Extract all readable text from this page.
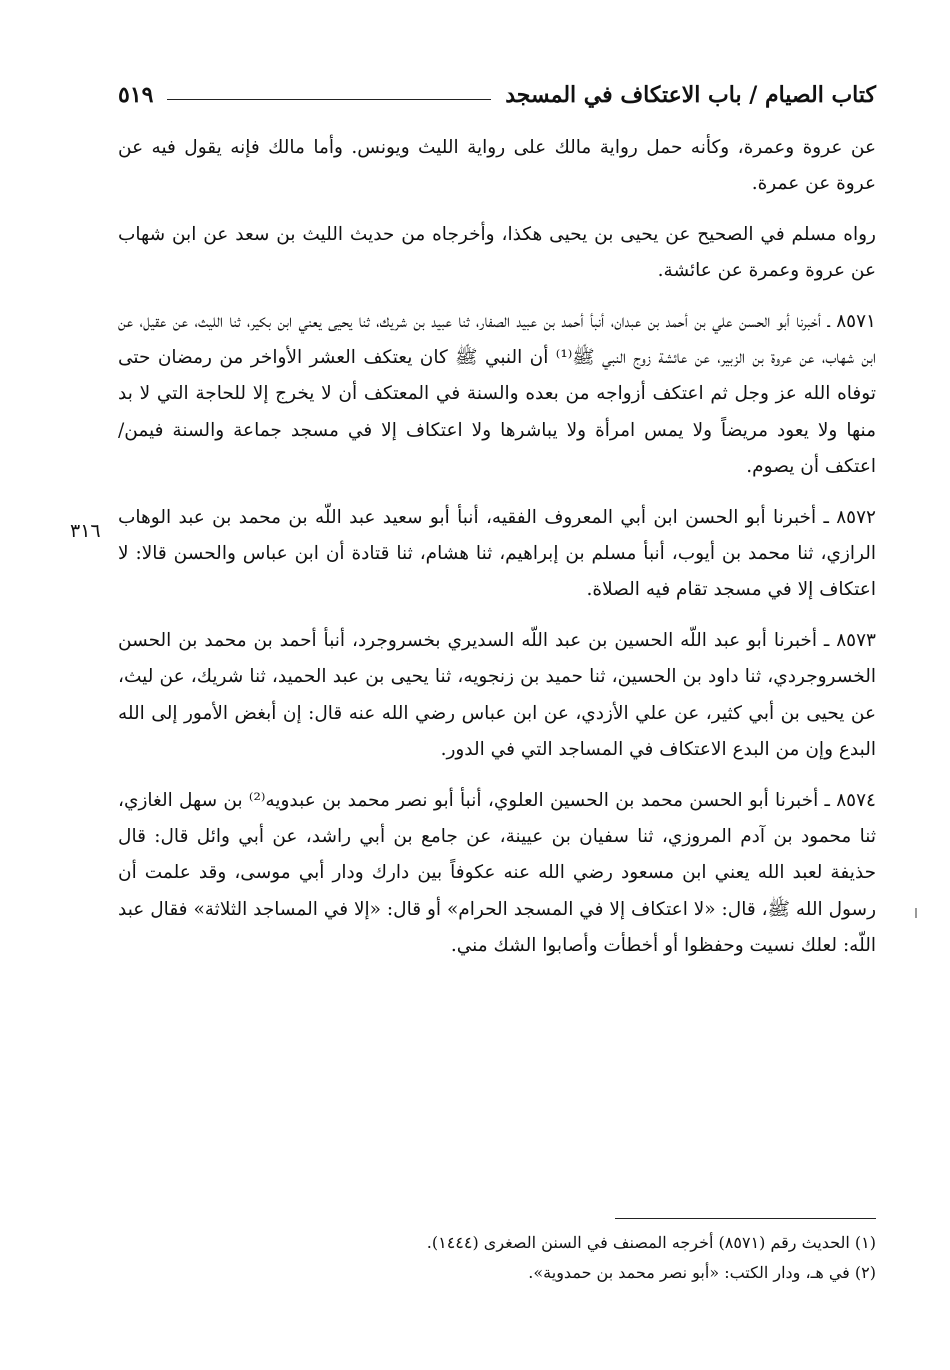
كتاب الصيام / باب الاعتكاف في المسجد
٥١٩

عن عروة وعمرة، وكأنه حمل رواية مالك على رواية الليث ويونس. وأما مالك فإنه يقول فيه عن عروة عن عمرة.

رواه مسلم في الصحيح عن يحيى بن يحيى هكذا، وأخرجاه من حديث الليث بن سعد عن ابن شهاب عن عروة وعمرة عن عائشة.

٨٥٧١ ـ أخبرنا أبو الحسن علي بن أحمد بن عبدان، أنبأ أحمد بن عبيد الصفار، ثنا عبيد بن شريك، ثنا يحيى يعني ابن بكير، ثنا الليث، عن عقيل، عن ابن شهاب، عن عروة بن الزبير، عن عائشة زوج النبي ﷺ⁽¹⁾ أن النبي ﷺ كان يعتكف العشر الأواخر من رمضان حتى توفاه الله عز وجل ثم اعتكف أزواجه من بعده والسنة في المعتكف أن لا يخرج إلا للحاجة التي لا بد منها ولا يعود مريضاً ولا يمس امرأة ولا يباشرها ولا اعتكاف إلا في مسجد جماعة والسنة فيمن/ اعتكف أن يصوم.

٨٥٧٢ ـ أخبرنا أبو الحسن ابن أبي المعروف الفقيه، أنبأ أبو سعيد عبد اللّه بن محمد بن عبد الوهاب الرازي، ثنا محمد بن أيوب، أنبأ مسلم بن إبراهيم، ثنا هشام، ثنا قتادة أن ابن عباس والحسن قالا: لا اعتكاف إلا في مسجد تقام فيه الصلاة.

٨٥٧٣ ـ أخبرنا أبو عبد اللّه الحسين بن عبد اللّه السديري بخسروجرد، أنبأ أحمد بن محمد بن الحسن الخسروجردي، ثنا داود بن الحسين، ثنا حميد بن زنجويه، ثنا يحيى بن عبد الحميد، ثنا شريك، عن ليث، عن يحيى بن أبي كثير، عن علي الأزدي، عن ابن عباس رضي الله عنه قال: إن أبغض الأمور إلى الله البدع وإن من البدع الاعتكاف في المساجد التي في الدور.

٨٥٧٤ ـ أخبرنا أبو الحسن محمد بن الحسين العلوي، أنبأ أبو نصر محمد بن عبدويه⁽²⁾ بن سهل الغازي، ثنا محمود بن آدم المروزي، ثنا سفيان بن عيينة، عن جامع بن أبي راشد، عن أبي وائل قال: قال حذيفة لعبد الله يعني ابن مسعود رضي الله عنه عكوفاً بين دارك ودار أبي موسى، وقد علمت أن رسول الله ﷺ، قال: «لا اعتكاف إلا في المسجد الحرام» أو قال: «إلا في المساجد الثلاثة» فقال عبد اللّه: لعلك نسيت وحفظوا أو أخطأت وأصابوا الشك مني.

٣١٦
(١) الحديث رقم (٨٥٧١) أخرجه المصنف في السنن الصغرى (١٤٤٤).
(٢) في هـ، ودار الكتب: «أبو نصر محمد بن حمدوية».
